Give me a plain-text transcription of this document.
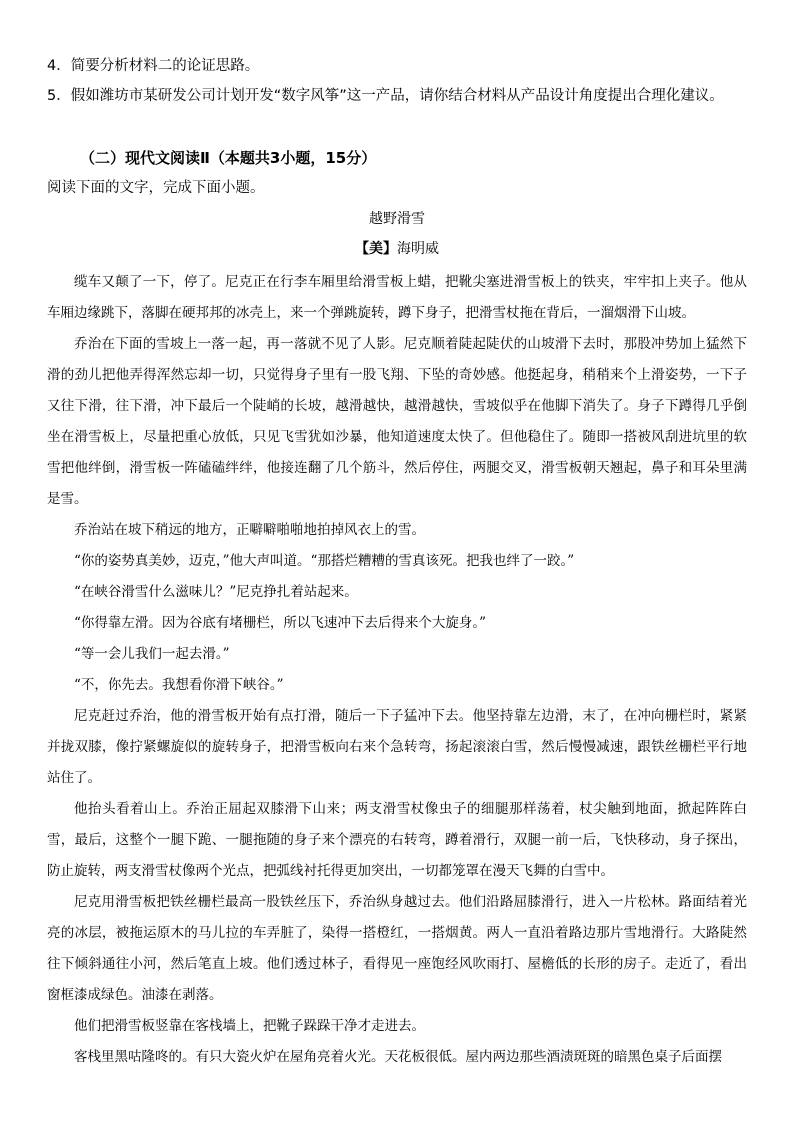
4．简要分析材料二的论证思路。
5．假如潍坊市某研发公司计划开发“数字风筝”这一产品，请你结合材料从产品设计角度提出合理化建议。
（二）现代文阅读Ⅱ（本题共3小题，15分）
阅读下面的文字，完成下面小题。
越野滑雪
【美】海明威

缆车又颠了一下，停了。尼克正在行李车厢里给滑雪板上蜡，把靴尖塞进滑雪板上的铁夹，牢牢扣上夹子。他从车厢边缘跳下，落脚在硬邦邦的冰壳上，来一个弹跳旋转，蹲下身子，把滑雪杖拖在背后，一溜烟滑下山坡。

乔治在下面的雪坡上一落一起，再一落就不见了人影。尼克顺着陡起陡伏的山坡滑下去时，那股冲势加上猛然下滑的劲儿把他弄得浑然忘却一切，只觉得身子里有一股飞翔、下坠的奇妙感。他挺起身，稍稍来个上滑姿势，一下子又往下滑，往下滑，冲下最后一个陡峭的长坡，越滑越快，越滑越快，雪坡似乎在他脚下消失了。身子下蹲得几乎倒坐在滑雪板上，尽量把重心放低，只见飞雪犹如沙暴，他知道速度太快了。但他稳住了。随即一搭被风刮进坑里的软雪把他绊倒，滑雪板一阵磕磕绊绊，他接连翻了几个筋斗，然后停住，两腿交叉，滑雪板朝天翘起，鼻子和耳朵里满是雪。

乔治站在坡下稍远的地方，正噼噼啪啪地拍掉风衣上的雪。

“你的姿势真美妙，迈克，”他大声叫道。“那搭烂糟糟的雪真该死。把我也绊了一跤。”

“在峡谷滑雪什么滋味儿？”尼克挣扎着站起来。

“你得靠左滑。因为谷底有堵栅栏，所以飞速冲下去后得来个大旋身。”

“等一会儿我们一起去滑。”

“不，你先去。我想看你滑下峡谷。”

尼克赶过乔治，他的滑雪板开始有点打滑，随后一下子猛冲下去。他坚持靠左边滑，末了，在冲向栅栏时，紧紧并拢双膝，像拧紧螺旋似的旋转身子，把滑雪板向右来个急转弯，扬起滚滚白雪，然后慢慢减速，跟铁丝栅栏平行地站住了。

他抬头看着山上。乔治正屈起双膝滑下山来；两支滑雪杖像虫子的细腿那样荡着，杖尖触到地面，掀起阵阵白雪，最后，这整个一腿下跪、一腿拖随的身子来个漂亮的右转弯，蹲着滑行，双腿一前一后，飞快移动，身子探出，防止旋转，两支滑雪杖像两个光点，把弧线衬托得更加突出，一切都笼罩在漫天飞舞的白雪中。

尼克用滑雪板把铁丝栅栏最高一股铁丝压下，乔治纵身越过去。他们沿路屈膝滑行，进入一片松林。路面结着光亮的冰层，被拖运原木的马儿拉的车弄脏了，染得一搭橙红，一搭烟黄。两人一直沿着路边那片雪地滑行。大路陡然往下倾斜通往小河，然后笔直上坡。他们透过林子，看得见一座饱经风吹雨打、屋檐低的长形的房子。走近了，看出窗框漆成绿色。油漆在剥落。

他们把滑雪板竖靠在客栈墙上，把靴子跺跺干净才走进去。

客栈里黑咕隆咚的。有只大瓷火炉在屋角亮着火光。天花板很低。屋内两边那些酒渍斑斑的暗黑色桌子后面摆
